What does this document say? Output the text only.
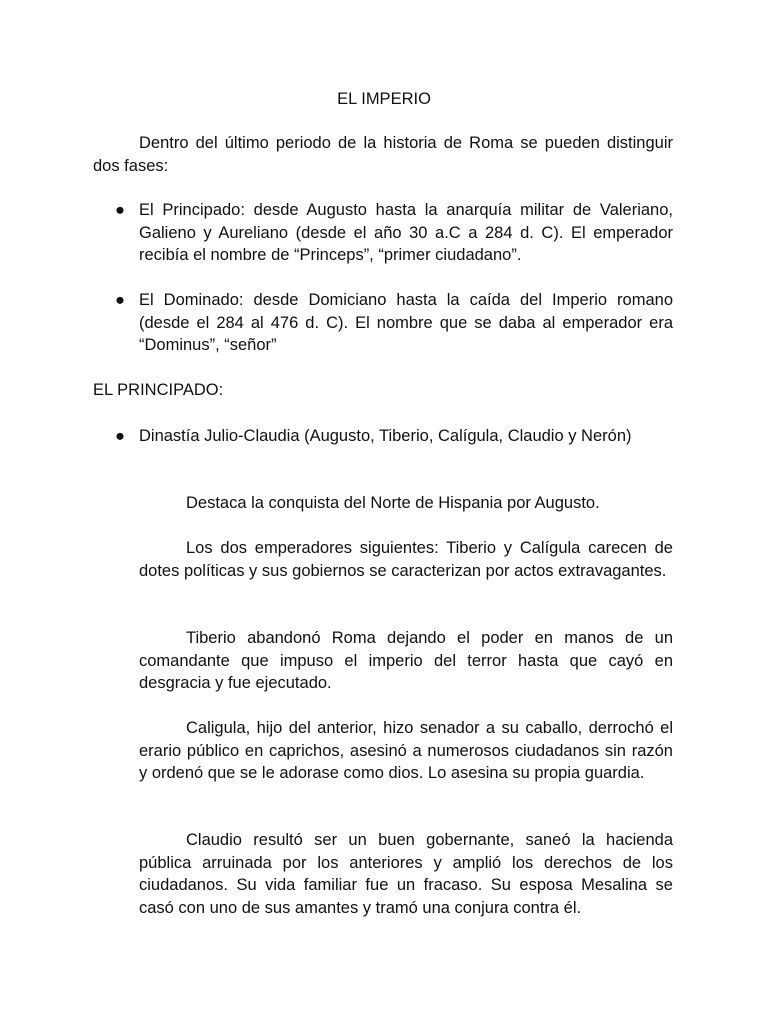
EL IMPERIO

Dentro del último periodo de la historia de Roma se pueden distinguir dos fases:

● El Principado: desde Augusto hasta la anarquía militar de Valeriano, Galieno y Aureliano (desde el año 30 a.C a 284 d. C). El emperador recibía el nombre de “Princeps”, “primer ciudadano”.
● El Dominado: desde Domiciano hasta la caída del Imperio romano (desde el 284 al 476 d. C). El nombre que se daba al emperador era “Dominus”, “señor”
EL PRINCIPADO:
● Dinastía Julio-Claudia (Augusto, Tiberio, Calígula, Claudio y Nerón)

Destaca la conquista del Norte de Hispania por Augusto.

Los dos emperadores siguientes: Tiberio y Calígula carecen de dotes políticas y sus gobiernos se caracterizan por actos extravagantes.

Tiberio abandonó Roma dejando el poder en manos de un comandante que impuso el imperio del terror hasta que cayó en desgracia y fue ejecutado.

Caligula, hijo del anterior, hizo senador a su caballo, derrochó el erario público en caprichos, asesinó a numerosos ciudadanos sin razón y ordenó que se le adorase como dios. Lo asesina su propia guardia.

Claudio resultó ser un buen gobernante, saneó la hacienda pública arruinada por los anteriores y amplió los derechos de los ciudadanos. Su vida familiar fue un fracaso. Su esposa Mesalina se casó con uno de sus amantes y tramó una conjura contra él.
